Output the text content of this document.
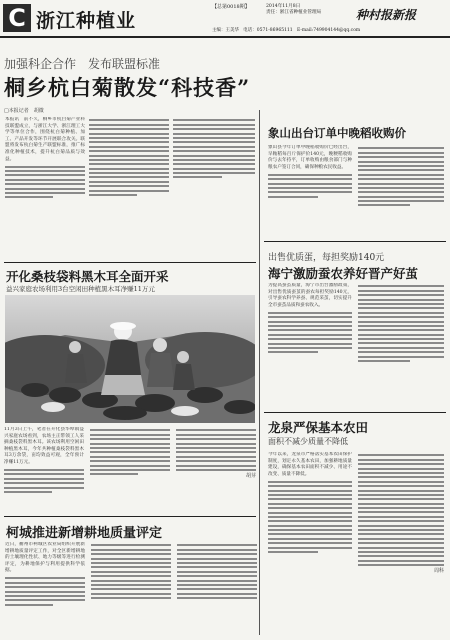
C 浙江种植业
【总第0018期】	2014年11月8日
责任：浙江省种植业管理局	种村报新报
主编：王美华 电话：0571-86965111 E-mail:749904144@qq.com
加强科企合作　发布联盟标准
桐乡杭白菊散发“科技香”
□本报记者　胡微
本报讯　前不久，桐乡市杭白菊产业科技联盟成立，与浙江大学、浙江理工大学等单位合作，围绕杭白菊种植、加工、产品开发等环节开展联合攻关。联盟将发布杭白菊生产联盟标准，推广标准化种植技术，提升杭白菊品质与效益。
象山出台订单中晚稻收购价
象山县今年订单中晚稻收购价已经出台，早籼稻每百斤保护价140元，晚粳稻收购价与去年持平，订单收购由粮食部门与种粮农户签订合同，确保种粮农民收益。
出售优质蛋，每担奖励140元
海宁激励蚕农养好晋产好茧
为提高蚕茧质量，海宁市出台激励政策，对出售优质蚕茧的蚕农每担奖励140元，引导蚕农科学养蚕、规范采茧，切实提升全市蚕茧品质和蚕农收入。
龙泉严保基本农田
面积不减少质量不降低
今年以来，龙泉市严格落实基本农田保护制度，划定永久基本农田，加强耕地质量建设，确保基本农田面积不减少、用途不改变、质量不降低。
周科
开化桑枝袋料黑木耳全面开采
益兴家庭农场利用3台空闲田种植黑木耳净赚11万元
11月3日上午，笔者在开化县华埠镇益兴家庭农场看到，农场主正带领工人采摘桑枝袋料黑木耳。该农场利用空闲田种植黑木耳，今年共种植桑枝袋料黑木耳3万余袋，亩均效益可观，全年预计净赚11万元。
胡芽
柯城推进新增耕地质量评定
近日，衢州市柯城区农业局组织开展新增耕地质量评定工作，对全区新增耕地的土壤理化性状、地力等级等进行检测评定，为耕地保护与利用提供科学依据。
